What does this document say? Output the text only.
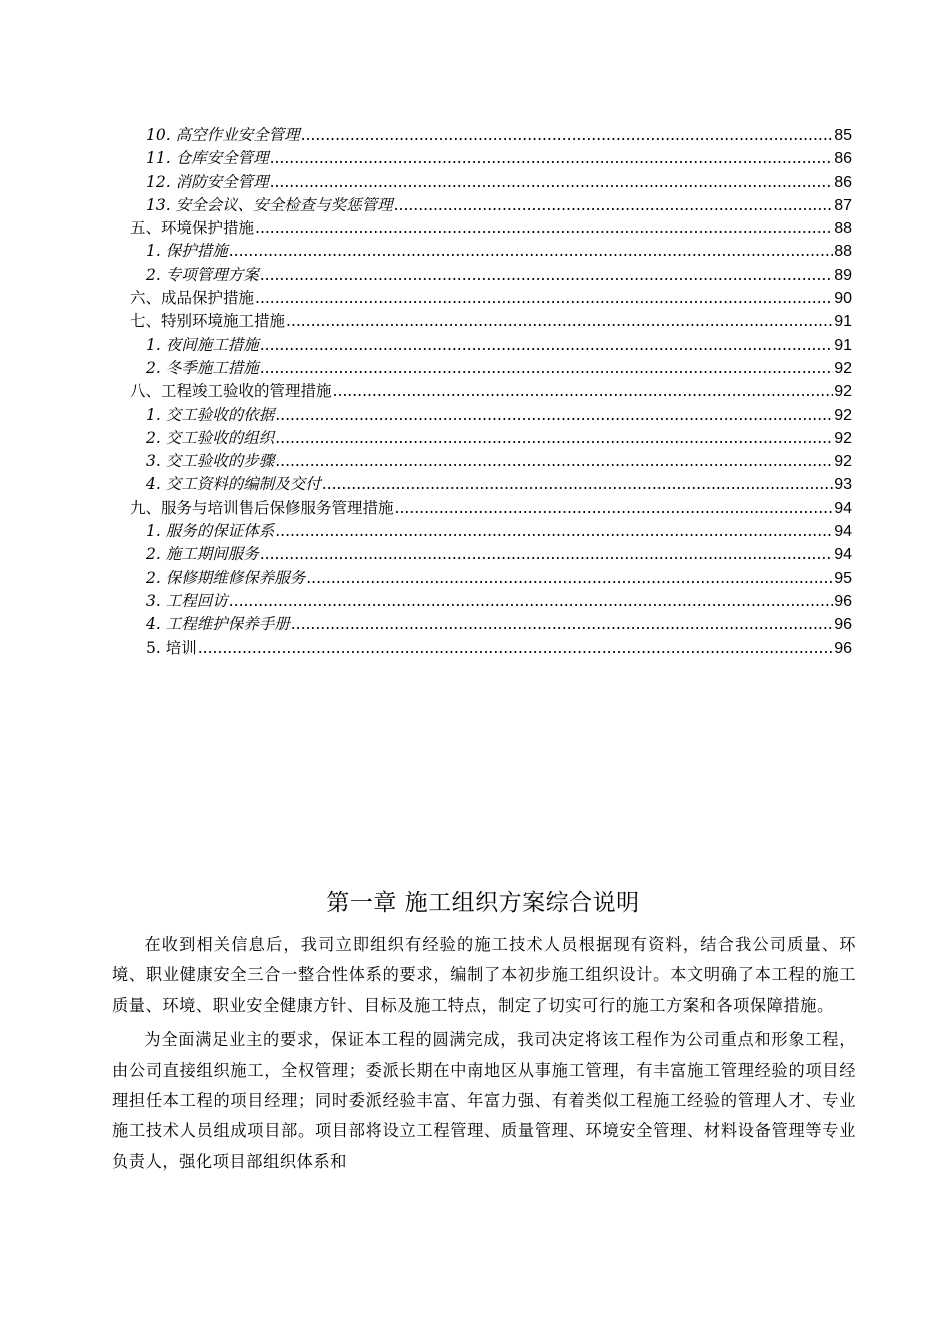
10. 高空作业安全管理 .....	85
11. 仓库安全管理 .....	86
12. 消防安全管理 .....	86
13. 安全会议、安全检查与奖惩管理 .....	87
五、环境保护措施 .....	88
1. 保护措施 .....	88
2. 专项管理方案 .....	89
六、成品保护措施 .....	90
七、特别环境施工措施 .....	91
1. 夜间施工措施 .....	91
2. 冬季施工措施 .....	92
八、工程竣工验收的管理措施 .....	92
1. 交工验收的依据 .....	92
2. 交工验收的组织 .....	92
3. 交工验收的步骤 .....	92
4. 交工资料的编制及交付 .....	93
九、服务与培训售后保修服务管理措施 .....	94
1. 服务的保证体系 .....	94
2. 施工期间服务 .....	94
2. 保修期维修保养服务 .....	95
3. 工程回访 .....	96
4. 工程维护保养手册 .....	96
5. 培训 .....	96
第一章 施工组织方案综合说明

在收到相关信息后，我司立即组织有经验的施工技术人员根据现有资料，结合我公司质量、环境、职业健康安全三合一整合性体系的要求，编制了本初步施工组织设计。本文明确了本工程的施工质量、环境、职业安全健康方针、目标及施工特点，制定了切实可行的施工方案和各项保障措施。

为全面满足业主的要求，保证本工程的圆满完成，我司决定将该工程作为公司重点和形象工程，由公司直接组织施工，全权管理；委派长期在中南地区从事施工管理，有丰富施工管理经验的项目经理担任本工程的项目经理；同时委派经验丰富、年富力强、有着类似工程施工经验的管理人才、专业施工技术人员组成项目部。项目部将设立工程管理、质量管理、环境安全管理、材料设备管理等专业负责人，强化项目部组织体系和
